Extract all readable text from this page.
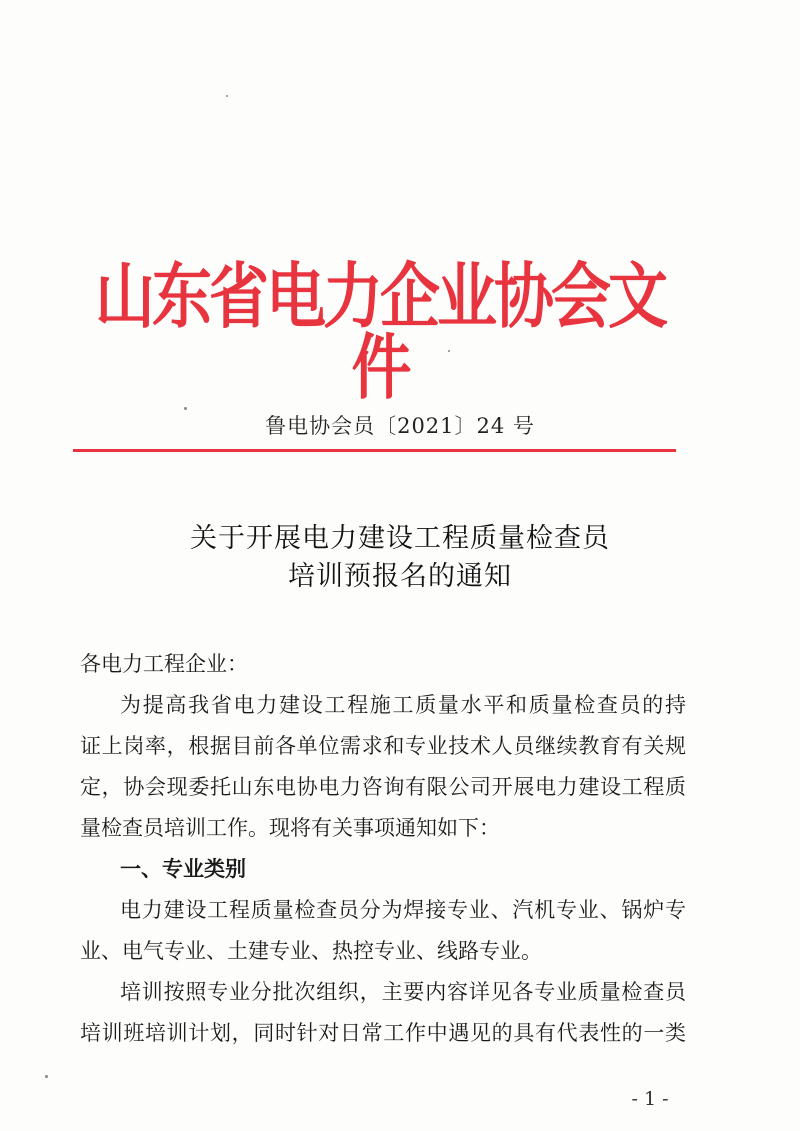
山东省电力企业协会文件
鲁电协会员〔2021〕24 号
关于开展电力建设工程质量检查员
培训预报名的通知
各电力工程企业：
为提高我省电力建设工程施工质量水平和质量检查员的持
证上岗率，根据目前各单位需求和专业技术人员继续教育有关规
定，协会现委托山东电协电力咨询有限公司开展电力建设工程质
量检查员培训工作。现将有关事项通知如下：
一、专业类别
电力建设工程质量检查员分为焊接专业、汽机专业、锅炉专
业、电气专业、土建专业、热控专业、线路专业。
培训按照专业分批次组织，主要内容详见各专业质量检查员
培训班培训计划，同时针对日常工作中遇见的具有代表性的一类
- 1 -
